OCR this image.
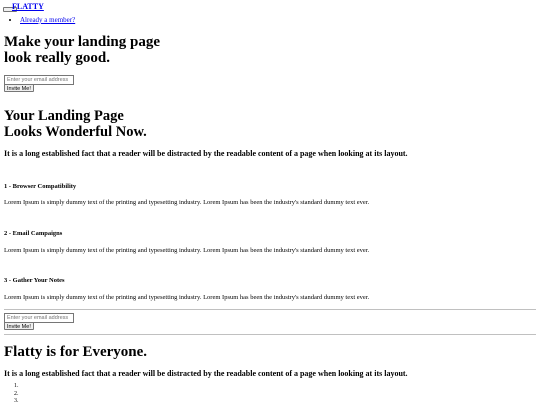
FLATTY
• Already a member?
Make your landing page
look really good.
Enter your email address
Invite Me!
Your Landing Page
Looks Wonderful Now.

It is a long established fact that a reader will be distracted by the readable content of a page when looking at its layout.

1 - Browser Compatibility

Lorem Ipsum is simply dummy text of the printing and typesetting industry. Lorem Ipsum has been the industry's standard dummy text ever.

2 - Email Campaigns

Lorem Ipsum is simply dummy text of the printing and typesetting industry. Lorem Ipsum has been the industry's standard dummy text ever.

3 - Gather Your Notes

Lorem Ipsum is simply dummy text of the printing and typesetting industry. Lorem Ipsum has been the industry's standard dummy text ever.

Enter your email address
Invite Me!
Flatty is for Everyone.

It is a long established fact that a reader will be distracted by the readable content of a page when looking at its layout.
